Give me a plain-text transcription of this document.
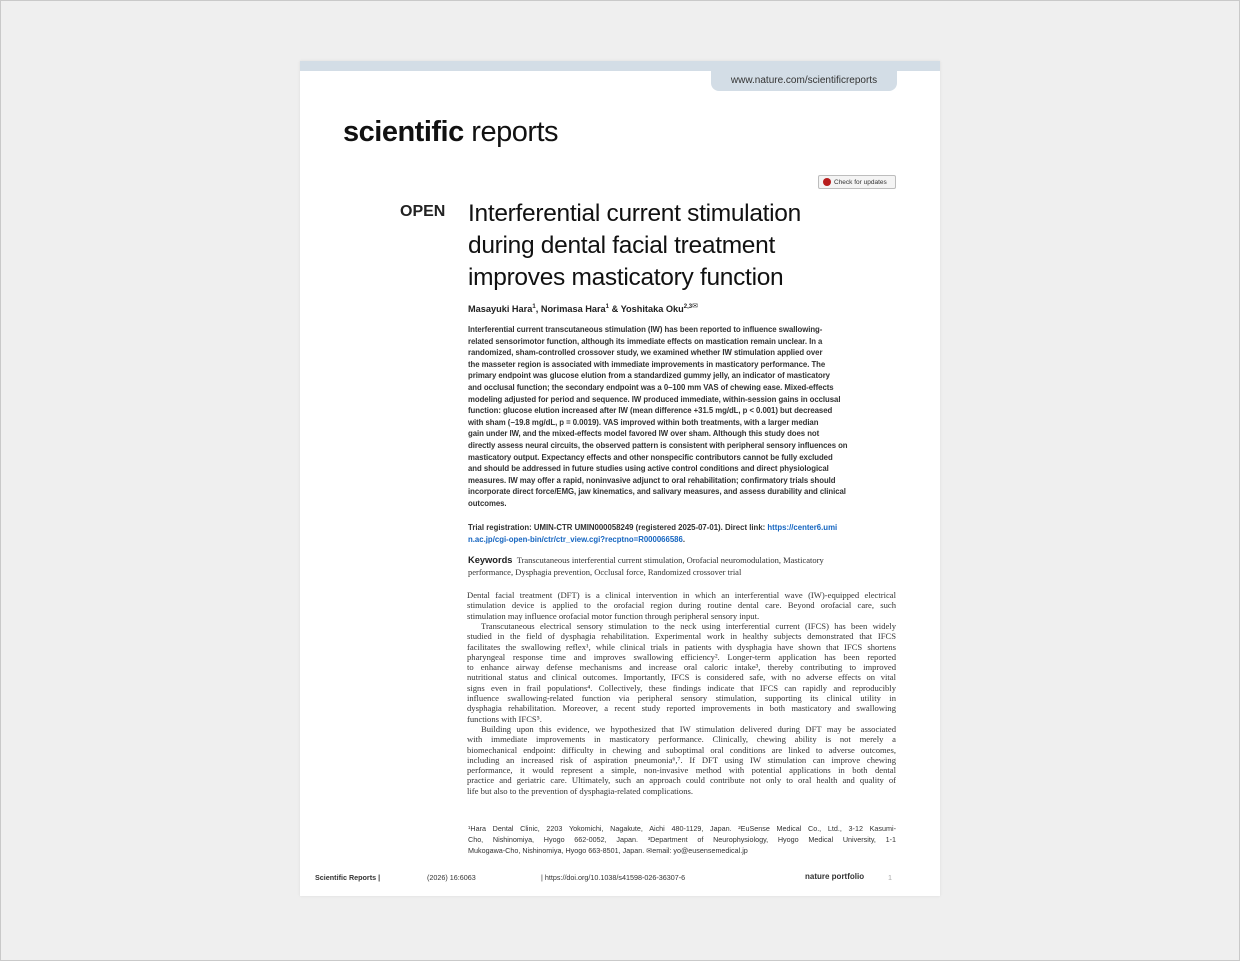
www.nature.com/scientificreports
scientific reports
Check for updates
OPEN Interferential current stimulation
during dental facial treatment
improves masticatory function
Masayuki Hara$^1$, Norimasa Hara$^1$ & Yoshitaka Oku$^{2,3✉}$
Interferential current transcutaneous stimulation (IW) has been reported to influence swallowing-
related sensorimotor function, although its immediate effects on mastication remain unclear. In a
randomized, sham-controlled crossover study, we examined whether IW stimulation applied over
the masseter region is associated with immediate improvements in masticatory performance. The
primary endpoint was glucose elution from a standardized gummy jelly, an indicator of masticatory
and occlusal function; the secondary endpoint was a 0–100 mm VAS of chewing ease. Mixed-effects
modeling adjusted for period and sequence. IW produced immediate, within-session gains in occlusal
function: glucose elution increased after IW (mean difference +31.5 mg/dL, p < 0.001) but decreased
with sham (−19.8 mg/dL, p = 0.0019). VAS improved within both treatments, with a larger median
gain under IW, and the mixed-effects model favored IW over sham. Although this study does not
directly assess neural circuits, the observed pattern is consistent with peripheral sensory influences on
masticatory output. Expectancy effects and other nonspecific contributors cannot be fully excluded
and should be addressed in future studies using active control conditions and direct physiological
measures. IW may offer a rapid, noninvasive adjunct to oral rehabilitation; confirmatory trials should
incorporate direct force/EMG, jaw kinematics, and salivary measures, and assess durability and clinical
outcomes.
Trial registration: UMIN-CTR UMIN000058249 (registered 2025-07-01). Direct link: https://center6.umi
n.ac.jp/cgi-open-bin/ctr/ctr_view.cgi?recptno=R000066586.
Keywords Transcutaneous interferential current stimulation, Orofacial neuromodulation, Masticatory
performance, Dysphagia prevention, Occlusal force, Randomized crossover trial
Dental facial treatment (DFT) is a clinical intervention in which an interferential wave (IW)-equipped electrical
stimulation device is applied to the orofacial region during routine dental care. Beyond orofacial care, such
stimulation may influence orofacial motor function through peripheral sensory input.
Transcutaneous electrical sensory stimulation to the neck using interferential current (IFCS) has been widely
studied in the field of dysphagia rehabilitation. Experimental work in healthy subjects demonstrated that IFCS
facilitates the swallowing reflex¹, while clinical trials in patients with dysphagia have shown that IFCS shortens
pharyngeal response time and improves swallowing efficiency². Longer-term application has been reported
to enhance airway defense mechanisms and increase oral caloric intake³, thereby contributing to improved
nutritional status and clinical outcomes. Importantly, IFCS is considered safe, with no adverse effects on vital
signs even in frail populations⁴. Collectively, these findings indicate that IFCS can rapidly and reproducibly
influence swallowing-related function via peripheral sensory stimulation, supporting its clinical utility in
dysphagia rehabilitation. Moreover, a recent study reported improvements in both masticatory and swallowing
functions with IFCS⁵.
Building upon this evidence, we hypothesized that IW stimulation delivered during DFT may be associated
with immediate improvements in masticatory performance. Clinically, chewing ability is not merely a
biomechanical endpoint: difficulty in chewing and suboptimal oral conditions are linked to adverse outcomes,
including an increased risk of aspiration pneumonia⁶,⁷. If DFT using IW stimulation can improve chewing
performance, it would represent a simple, non-invasive method with potential applications in both dental
practice and geriatric care. Ultimately, such an approach could contribute not only to oral health and quality of
life but also to the prevention of dysphagia-related complications.
¹Hara Dental Clinic, 2203 Yokomichi, Nagakute, Aichi 480-1129, Japan. ²EuSense Medical Co., Ltd., 3-12 Kasumi-
Cho, Nishinomiya, Hyogo 662-0052, Japan. ³Department of Neurophysiology, Hyogo Medical University, 1-1
Mukogawa-Cho, Nishinomiya, Hyogo 663-8501, Japan. ✉email: yo@eusensemedical.jp
Scientific Reports |	(2026) 16:6063	| https://doi.org/10.1038/s41598-026-36307-6	nature portfolio	1
